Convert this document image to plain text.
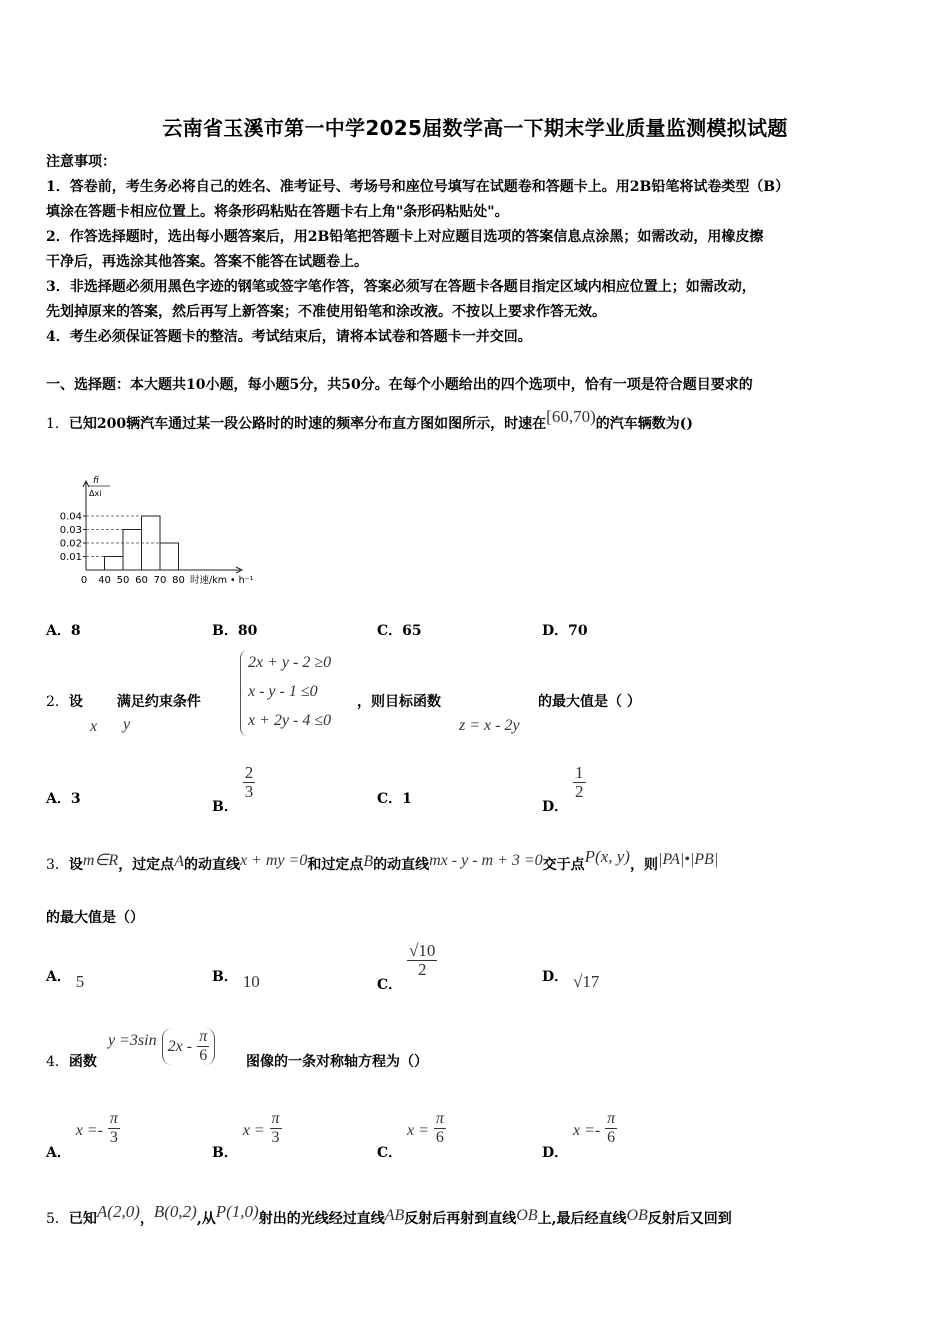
云南省玉溪市第一中学2025届数学高一下期末学业质量监测模拟试题
注意事项：
1．答卷前，考生务必将自己的姓名、准考证号、考场号和座位号填写在试题卷和答题卡上。用2B铅笔将试卷类型（B）
填涂在答题卡相应位置上。将条形码粘贴在答题卡右上角"条形码粘贴处"。
2．作答选择题时，选出每小题答案后，用2B铅笔把答题卡上对应题目选项的答案信息点涂黑；如需改动，用橡皮擦
干净后，再选涂其他答案。答案不能答在试题卷上。
3．非选择题必须用黑色字迹的钢笔或签字笔作答，答案必须写在答题卡各题目指定区域内相应位置上；如需改动，
先划掉原来的答案，然后再写上新答案；不准使用铅笔和涂改液。不按以上要求作答无效。
4．考生必须保证答题卡的整洁。考试结束后，请将本试卷和答题卡一并交回。
一、选择题：本大题共10小题，每小题5分，共50分。在每个小题给出的四个选项中，恰有一项是符合题目要求的
1．已知200辆汽车通过某一段公路时的时速的频率分布直方图如图所示，时速在[60,70)的汽车辆数为()
fi
Δxi
0.01
0.02
0.03
0.04
0 40 50 60 70 80 时速/km • h⁻¹
A．8	B．80	C．65	D．70
2．设 满足约束条件
x y
2x + y - 2 ≥0
x - y - 1 ≤0
x + 2y - 4 ≤0
，则目标函数
z = x - 2y
的最大值是（ ）
A．3	B．
$\frac{2}{3}$	C．1	D．
$\frac{1}{2}$
3．设m∈R，过定点A的动直线x + my =0和过定点B的动直线mx - y - m + 3 =0交于点P(x, y)，则|PA|•|PB|
的最大值是（）
A． 5	B． 10	C．
$\frac{√10}{2}$	D． √17
4．函数
y =3sin $2x - \frac{\pi}{6}$	图像的一条对称轴方程为（）
A． $x =- \frac{\pi}{3}$
B． $x = \frac{\pi}{3}$
C． $x = \frac{\pi}{6}$
D． $x =- \frac{\pi}{6}$
5．已知A(2,0)，B(0,2),从P(1,0)射出的光线经过直线AB反射后再射到直线OB上,最后经直线OB反射后又回到
